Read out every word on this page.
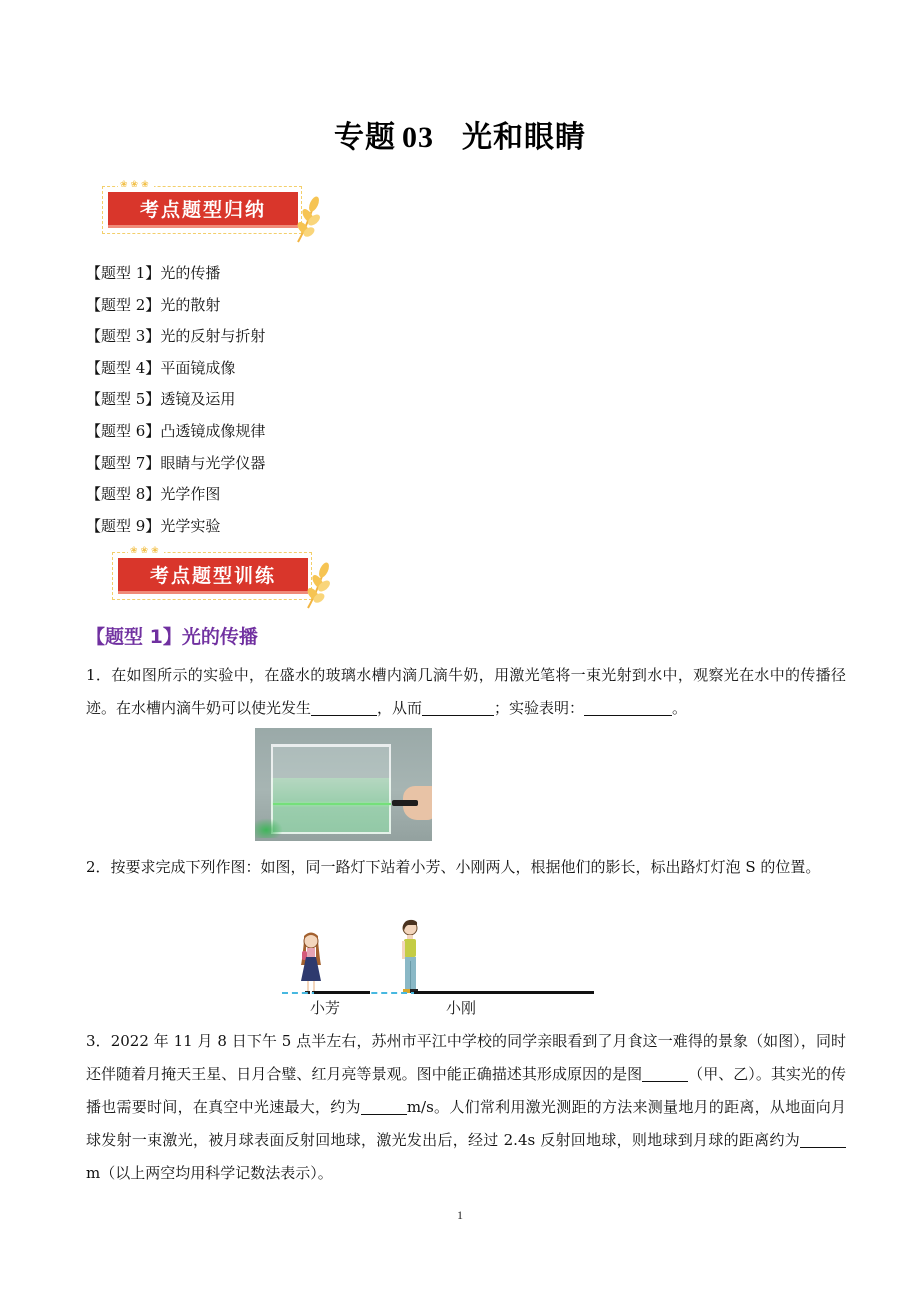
专题 03 光和眼睛
❀❀❀
考点题型归纳
【题型 1】光的传播
【题型 2】光的散射
【题型 3】光的反射与折射
【题型 4】平面镜成像
【题型 5】透镜及运用
【题型 6】凸透镜成像规律
【题型 7】眼睛与光学仪器
【题型 8】光学作图
【题型 9】光学实验
❀❀❀
考点题型训练
【题型 1】光的传播
1．在如图所示的实验中，在盛水的玻璃水槽内滴几滴牛奶，用激光笔将一束光射到水中，观察光在水中的传播径迹。在水槽内滴牛奶可以使光发生	，从而	；实验表明：	。
2．按要求完成下列作图：如图，同一路灯下站着小芳、小刚两人，根据他们的影长，标出路灯灯泡 S 的位置。
小芳	小刚
3．2022 年 11 月 8 日下午 5 点半左右，苏州市平江中学校的同学亲眼看到了月食这一难得的景象（如图），同时还伴随着月掩天王星、日月合璧、红月亮等景观。图中能正确描述其形成原因的是图	（甲、乙）。其实光的传播也需要时间，在真空中光速最大，约为	m/s。人们常利用激光测距的方法来测量地月的距离，从地面向月球发射一束激光，被月球表面反射回地球，激光发出后，经过 2.4s 反射回地球，则地球到月球的距离约为m（以上两空均用科学记数法表示）。
1
